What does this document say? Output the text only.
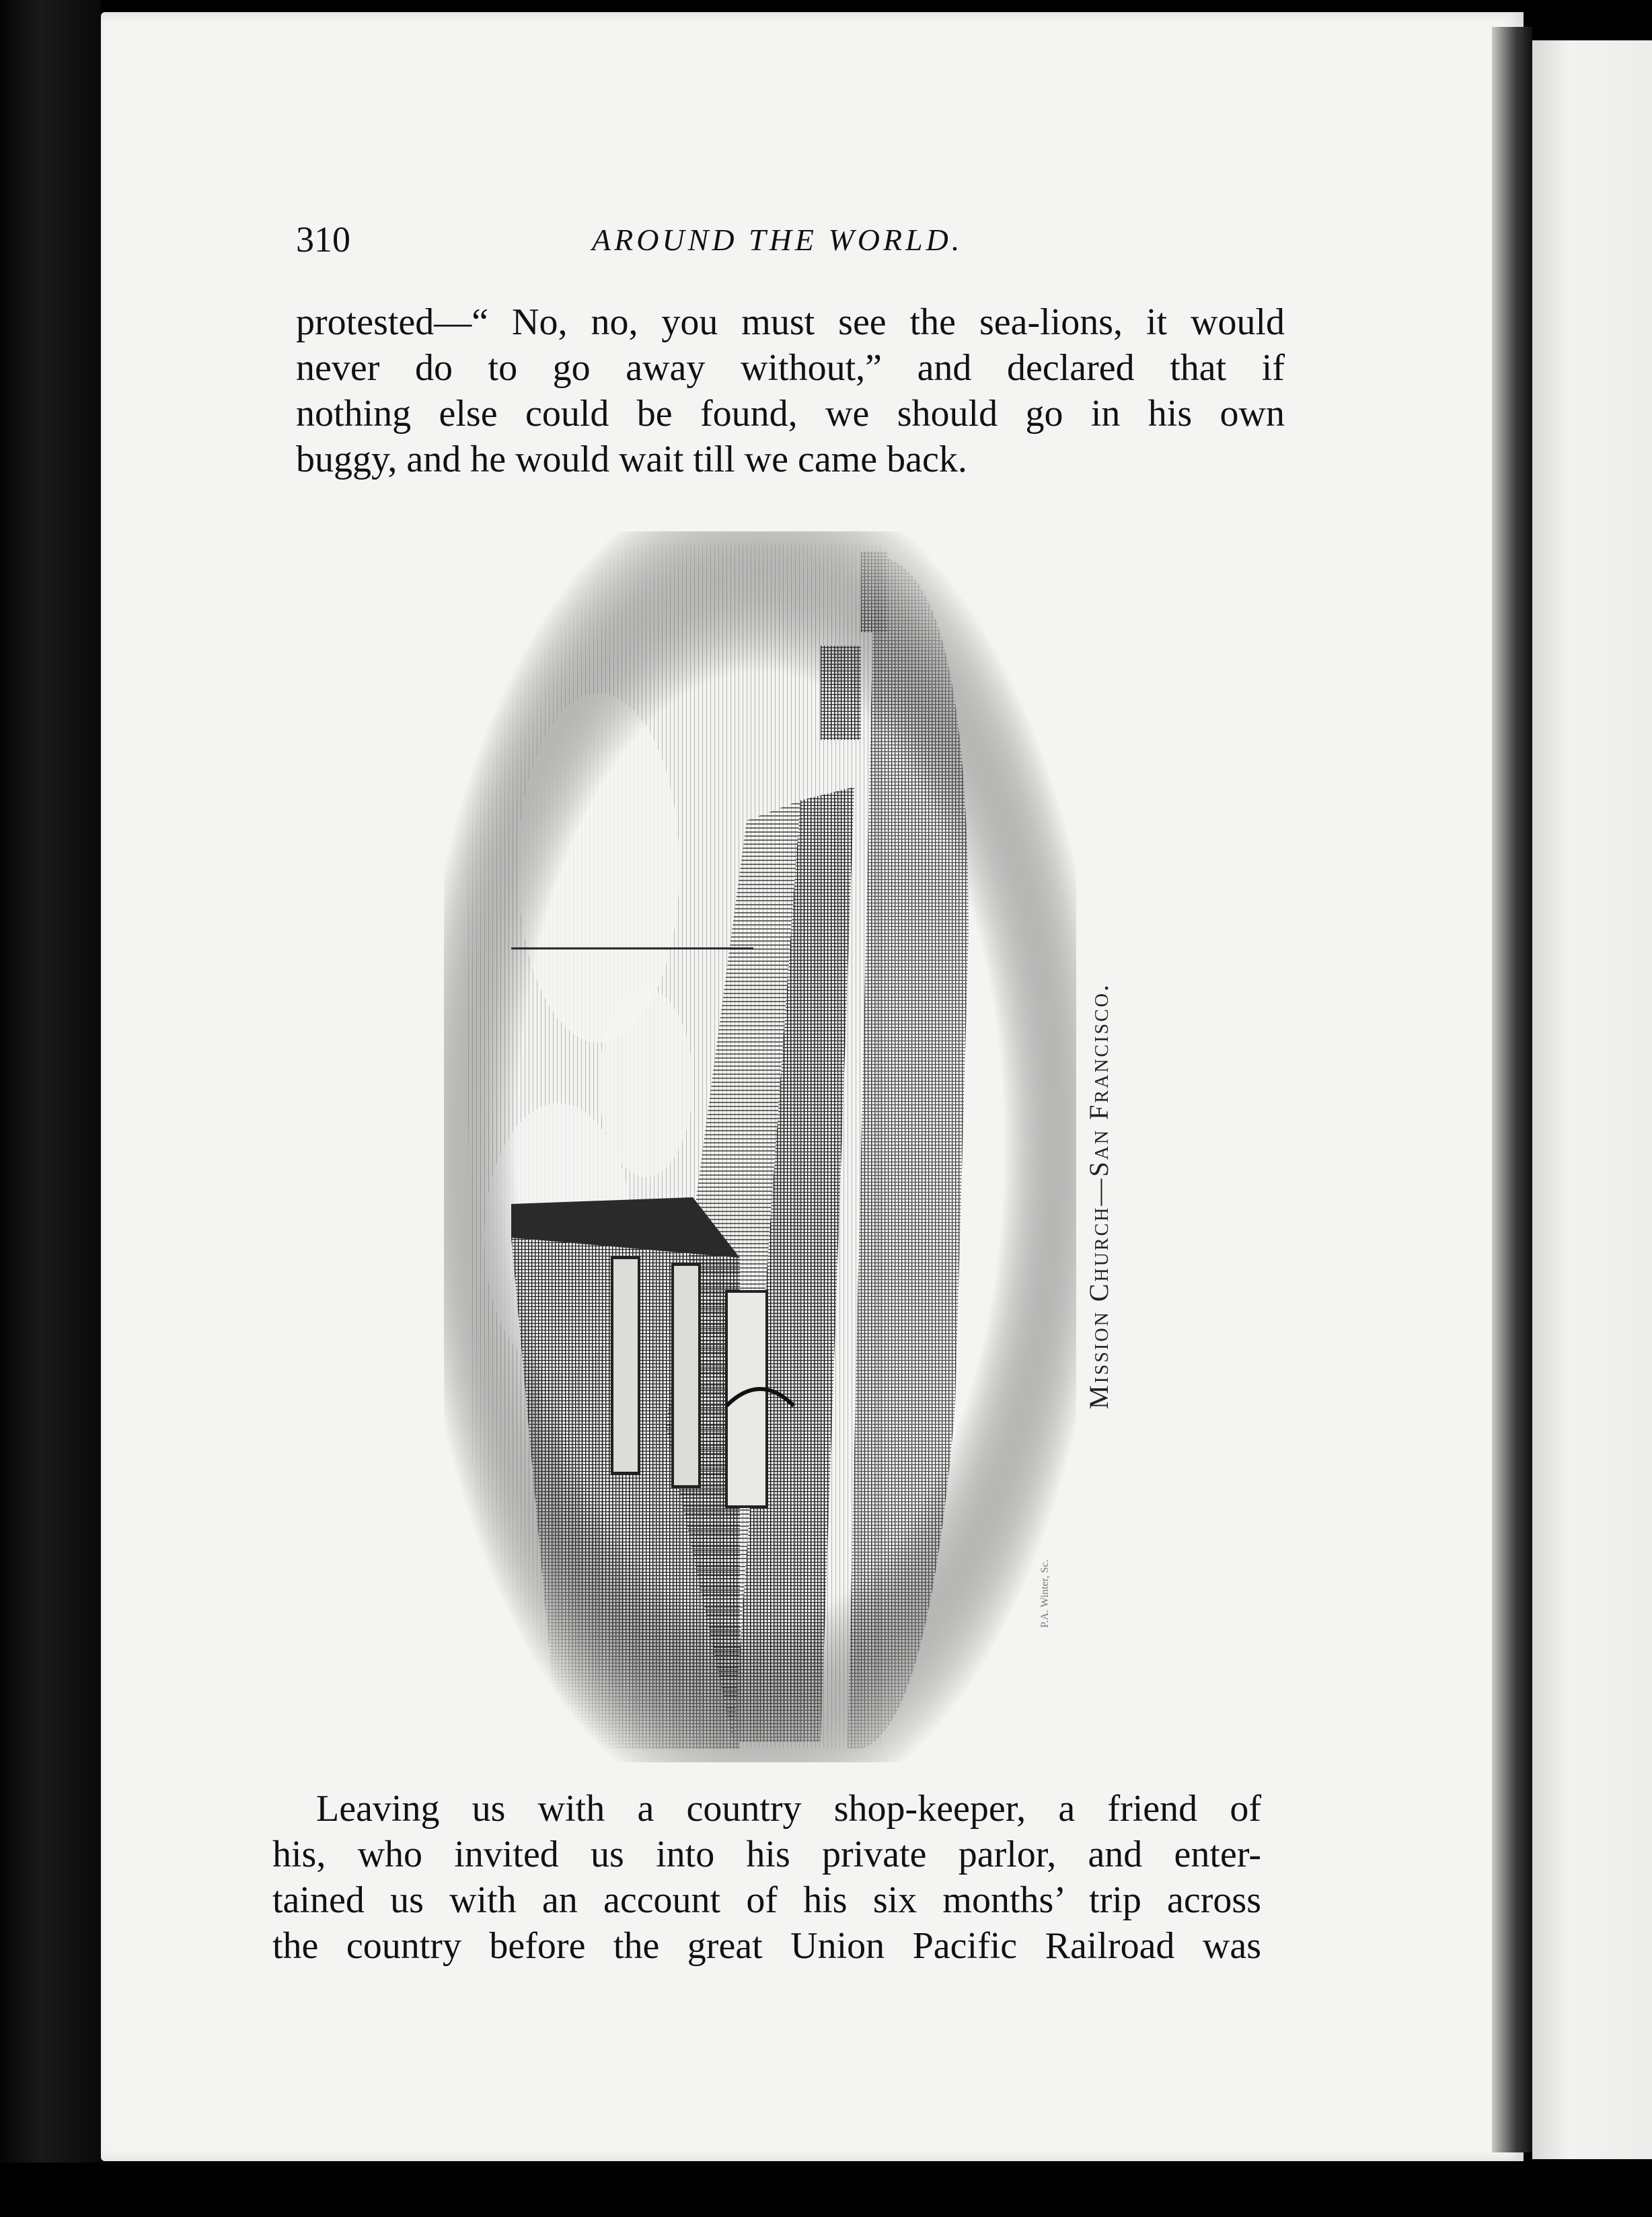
310	AROUND THE WORLD.
protested—“ No, no, you must see the sea-lions, it would
never do to go away without,” and declared that if
nothing else could be found, we should go in his own
buggy, and he would wait till we came back.
Mission Church—San Francisco.
Leaving us with a country shop-keeper, a friend of
his, who invited us into his private parlor, and enter-
tained us with an account of his six months’ trip across
the country before the great Union Pacific Railroad was
P.A. Winter, Sc.
